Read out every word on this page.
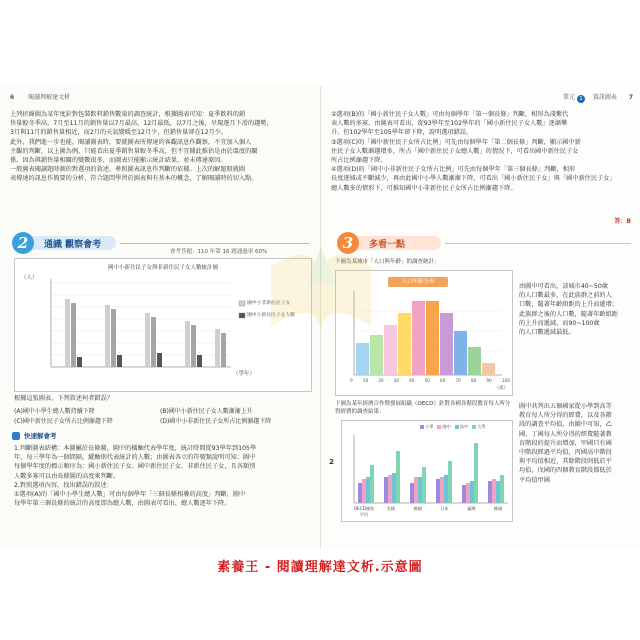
6 閱讀理解達文析
上列折線圖為某年度針對包裝飲料銷售數量的調查統計，根據圖表可知：夏季飲料的銷
售量較冬季高，7月至11月的銷售量以7月最高，12月最低，以7月之後，呈現逐月下滑的趨勢，
3月與11月的銷售量相近，而2月的天氣變暖至12月少，但銷售量卻在12月少。
此外，我們進一步也能，閱讀圖表時，要就圖表所傳達的客觀訊息作觀察，不宜加入個人
主觀的判斷，以上圖為例，只能看出夏季銷售量較冬季高，但不宜據此推估是由於溫度的關
係，因為與銷售量相關的變數很多，而圖表只能顯示統計結果，並未傳達原因。
一般圖表閱讀題時測的對選項的敘述，參照圖表訊息作判斷的依據。上次的解題般就圖
表傳達的訊息作簡要的分析，符合題問學習於圖表與有基本的概念，了解閱讀時的切入點。
2	通識 觀察會考
會考答題：110 年第 16 題通過率 60%
國中小新住民子女與非新住民子女人數統計圖
（人）
國中小非新住民子女
國中小新住民子女人數
（學年）
根據這張圖表，下列敘述何者錯誤？
(A)國中小學生總人數持續下降	(B)國中小新住民子女人數漸漸上升
(C)國中新住民子女所占比例漸趨下降	(D)國中小非新住民子女所占比例漸趨下降
快速解會考
1.判斷圖表結構：本圖屬於長條圖，圖中的橫軸代表學年度，統計時間從93學年到105學
年，每三學年為一個間隔，縱軸則代表統計的人數；由圖表各立的符號類說明可知：圖中
每個學年度的標示順序為：國小新住民子女、國中新住民子女、非新住民子女，且各類別
人數多寡可以由長條圖的高度來判斷。
2.對照選項內容，找出錯誤的敘述：
①選項(A)的「國中小學生總人數」可由每個學年「三個長條相疊的高度」判斷，圖中
每學年第三個長條的統計的高度即為總人數，由圖表可看出，總人數逐年下降。
單元 1 資訊圖表 7
②選項(B)的「國小新住民子女人數」可由每個學年「第一個長條」判斷，相形為淺紫代
表人數的多寡，由圖表可看出，從93學年至102學年的「國小新住民子女人數」逐漸攀
升，但102學年至105學年卻下降，說明選項錯誤。
③選項(C)的「國中新住民子女所占比例」可先由每個學年「第二個長條」判斷，顯示國中新
住民子女人數漸趨增多，所占「國中新住民子女總人數」的情況下，可看出國中新住民子女
所占比例漸趨下降。
④選項(D)的「國中小非新住民子女所占比例」可先由每個學年「第三個長條」判斷，相形
長度逐減或不斷減少，再由此國中小學人數漸漸下降，可看出「國小新住民子女」與「國中新住民子女」
總人數多的情形下，可推知國中小非新住民子女所占比例漸趨下降。
答：B
3	多看一點
下圖為某城市「人口與年齡」的調查統計：
人口年齡分布
0 10 20 30 40 50 60 70 80 90 100
（歲）
由圖中可看出，該城市40~50歲
的人口數最多，在此族群之前的人
口數，隨著年齡組距的上升而遞增；
此族群之後的人口數，隨著年齡組距
的上升而遞減，而90~100歲
的人口數遞減最低。
下圖為某年經濟合作暨發展組織（OECD）針對各國各階段教育每人所分得經費的調查結果：
2
小學 國中 高中 大學
OECD國家平均
美國	德國	日本	臺灣	韓國
圖中共列出五個國家從小學到高等
教育每人所分得的經費，以及各階
段的調查平均值，由圖中可知，乙
國、丁國每人所分得的經費隨著教
育階段的提升而增加，甲國只有國
中階段經過平均值，丙國高中階段
與平均值相近，其餘階段則低於平
均值，戊國的四個教育階段都低於
平均值甲國
素養王 - 閱讀理解達文析.示意圖
